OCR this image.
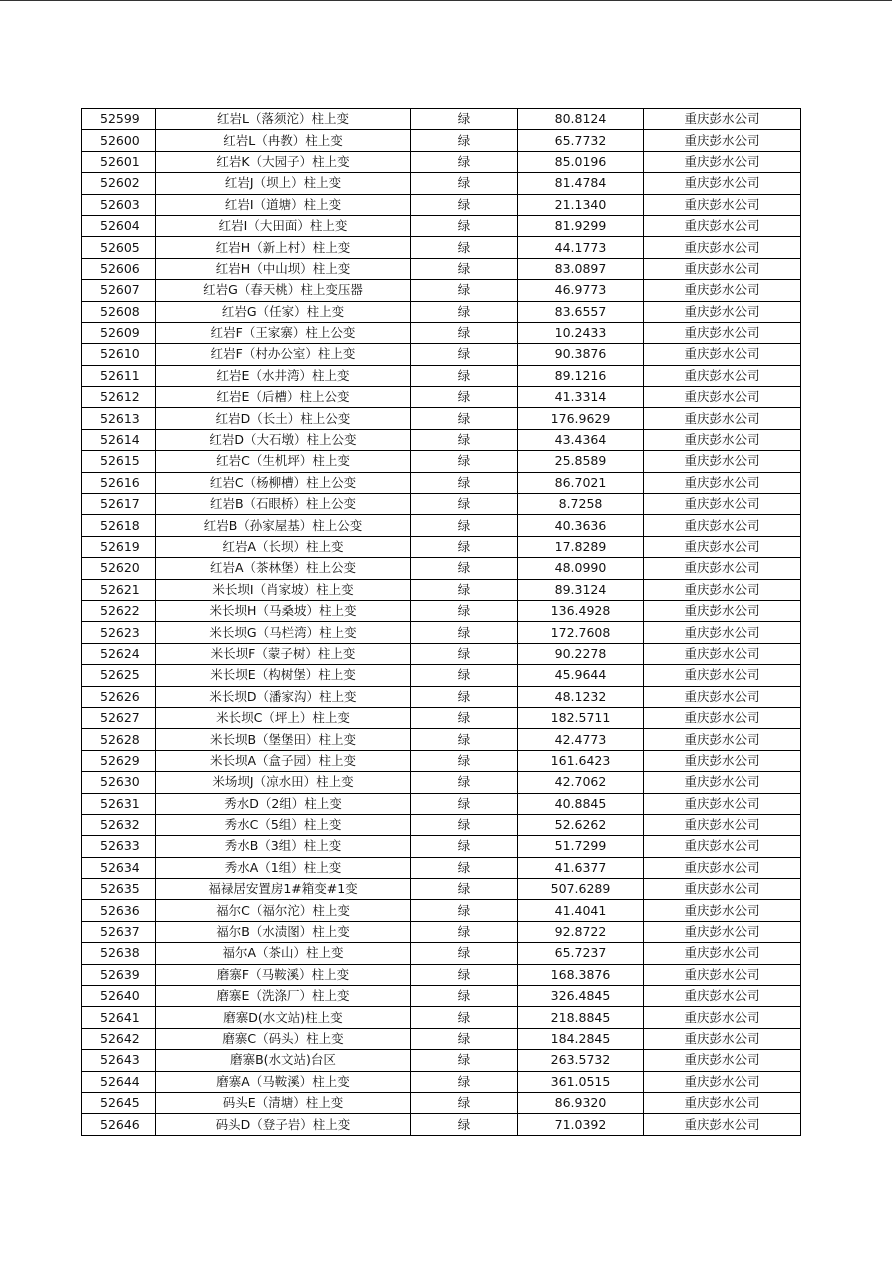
52599	红岩L（落须沱）柱上变	绿	80.8124	重庆彭水公司
52600	红岩L（冉教）柱上变	绿	65.7732	重庆彭水公司
52601	红岩K（大园子）柱上变	绿	85.0196	重庆彭水公司
52602	红岩J（坝上）柱上变	绿	81.4784	重庆彭水公司
52603	红岩I（道塘）柱上变	绿	21.1340	重庆彭水公司
52604	红岩I（大田面）柱上变	绿	81.9299	重庆彭水公司
52605	红岩H（新上村）柱上变	绿	44.1773	重庆彭水公司
52606	红岩H（中山坝）柱上变	绿	83.0897	重庆彭水公司
52607	红岩G（春天桃）柱上变压器	绿	46.9773	重庆彭水公司
52608	红岩G（任家）柱上变	绿	83.6557	重庆彭水公司
52609	红岩F（王家寨）柱上公变	绿	10.2433	重庆彭水公司
52610	红岩F（村办公室）柱上变	绿	90.3876	重庆彭水公司
52611	红岩E（水井湾）柱上变	绿	89.1216	重庆彭水公司
52612	红岩E（后槽）柱上公变	绿	41.3314	重庆彭水公司
52613	红岩D（长土）柱上公变	绿	176.9629	重庆彭水公司
52614	红岩D（大石墩）柱上公变	绿	43.4364	重庆彭水公司
52615	红岩C（生机坪）柱上变	绿	25.8589	重庆彭水公司
52616	红岩C（杨柳槽）柱上公变	绿	86.7021	重庆彭水公司
52617	红岩B（石眼桥）柱上公变	绿	8.7258	重庆彭水公司
52618	红岩B（孙家屋基）柱上公变	绿	40.3636	重庆彭水公司
52619	红岩A（长坝）柱上变	绿	17.8289	重庆彭水公司
52620	红岩A（茶林堡）柱上公变	绿	48.0990	重庆彭水公司
52621	米长坝I（肖家坡）柱上变	绿	89.3124	重庆彭水公司
52622	米长坝H（马桑坡）柱上变	绿	136.4928	重庆彭水公司
52623	米长坝G（马栏湾）柱上变	绿	172.7608	重庆彭水公司
52624	米长坝F（蒙子树）柱上变	绿	90.2278	重庆彭水公司
52625	米长坝E（构树堡）柱上变	绿	45.9644	重庆彭水公司
52626	米长坝D（潘家沟）柱上变	绿	48.1232	重庆彭水公司
52627	米长坝C（坪上）柱上变	绿	182.5711	重庆彭水公司
52628	米长坝B（堡堡田）柱上变	绿	42.4773	重庆彭水公司
52629	米长坝A（盒子园）柱上变	绿	161.6423	重庆彭水公司
52630	米场坝J（凉水田）柱上变	绿	42.7062	重庆彭水公司
52631	秀水D（2组）柱上变	绿	40.8845	重庆彭水公司
52632	秀水C（5组）柱上变	绿	52.6262	重庆彭水公司
52633	秀水B（3组）柱上变	绿	51.7299	重庆彭水公司
52634	秀水A（1组）柱上变	绿	41.6377	重庆彭水公司
52635	福禄居安置房1#箱变#1变	绿	507.6289	重庆彭水公司
52636	福尔C（福尔沱）柱上变	绿	41.4041	重庆彭水公司
52637	福尔B（水渍图）柱上变	绿	92.8722	重庆彭水公司
52638	福尔A（茶山）柱上变	绿	65.7237	重庆彭水公司
52639	磨寨F（马鞍溪）柱上变	绿	168.3876	重庆彭水公司
52640	磨寨E（洗涤厂）柱上变	绿	326.4845	重庆彭水公司
52641	磨寨D(水文站)柱上变	绿	218.8845	重庆彭水公司
52642	磨寨C（码头）柱上变	绿	184.2845	重庆彭水公司
52643	磨寨B(水文站)台区	绿	263.5732	重庆彭水公司
52644	磨寨A（马鞍溪）柱上变	绿	361.0515	重庆彭水公司
52645	码头E（清塘）柱上变	绿	86.9320	重庆彭水公司
52646	码头D（登子岩）柱上变	绿	71.0392	重庆彭水公司
